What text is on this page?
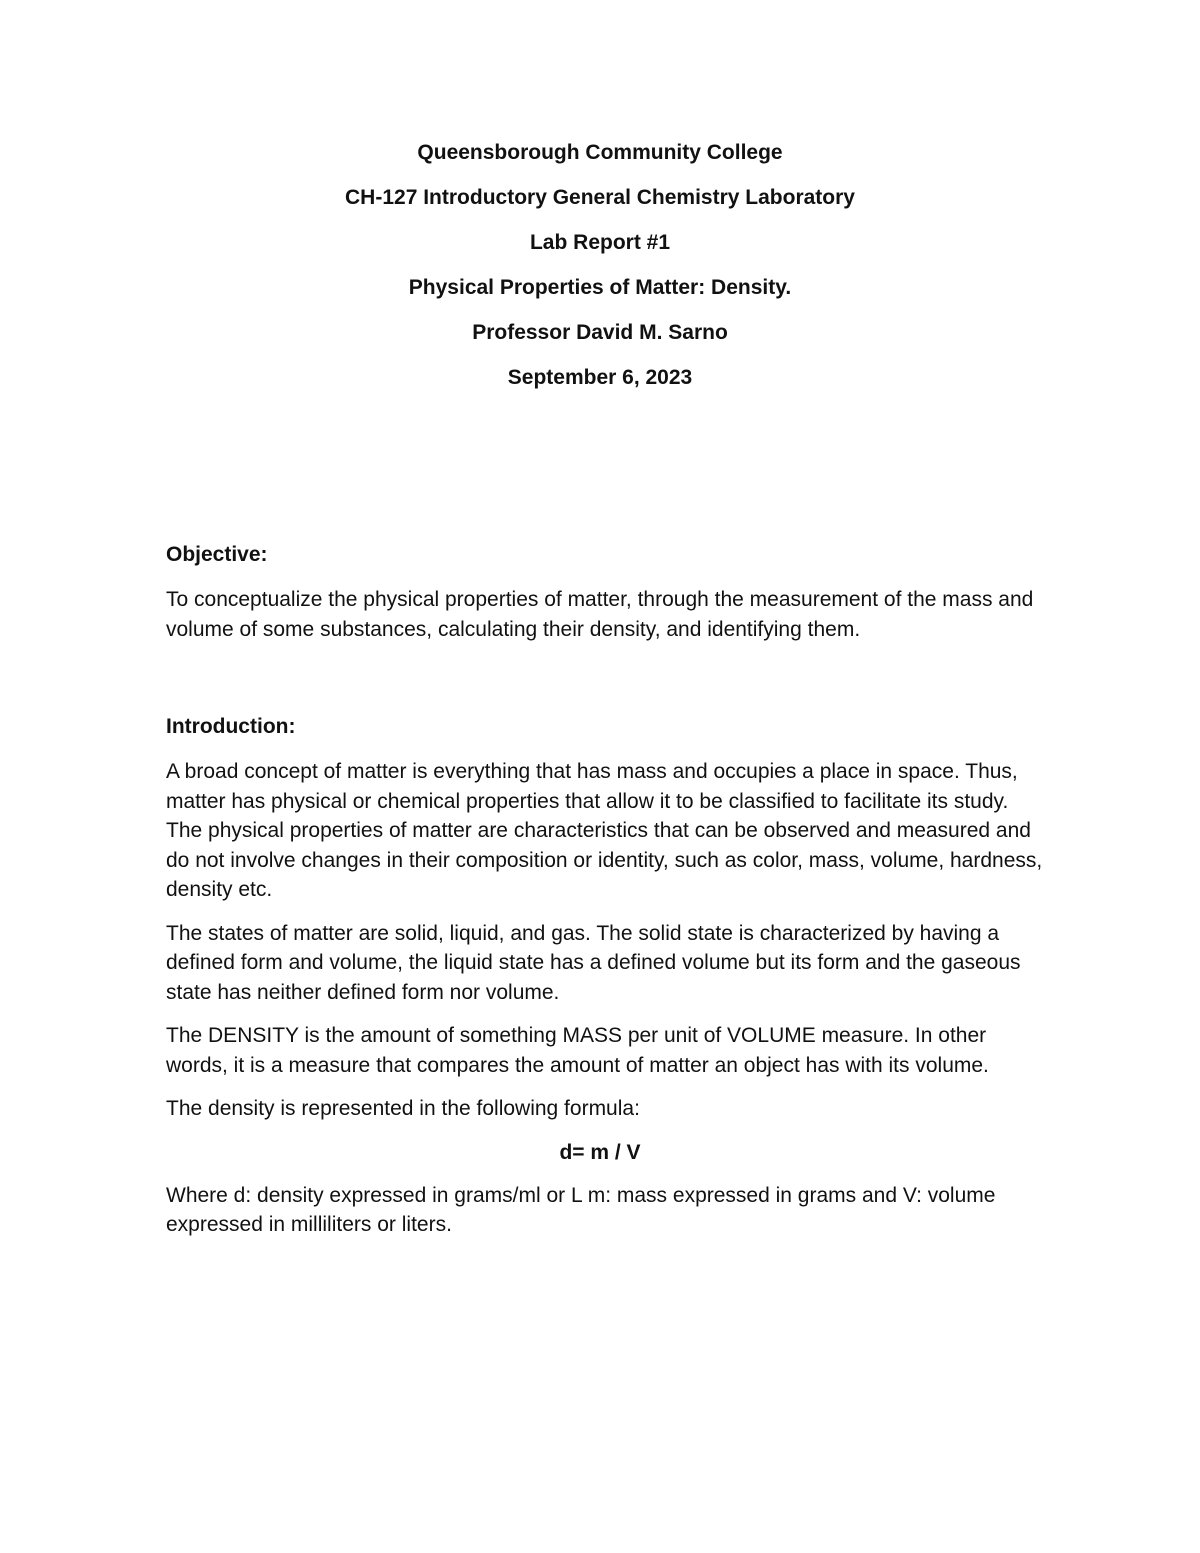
Queensborough Community College
CH-127 Introductory General Chemistry Laboratory
Lab Report #1
Physical Properties of Matter: Density.
Professor David M. Sarno
September 6, 2023
Objective:
To conceptualize the physical properties of matter, through the measurement of the mass and volume of some substances, calculating their density, and identifying them.
Introduction:
A broad concept of matter is everything that has mass and occupies a place in space. Thus, matter has physical or chemical properties that allow it to be classified to facilitate its study. The physical properties of matter are characteristics that can be observed and measured and do not involve changes in their composition or identity, such as color, mass, volume, hardness, density etc.
The states of matter are solid, liquid, and gas. The solid state is characterized by having a defined form and volume, the liquid state has a defined volume but its form and the gaseous state has neither defined form nor volume.
The DENSITY is the amount of something MASS per unit of VOLUME measure. In other words, it is a measure that compares the amount of matter an object has with its volume.
The density is represented in the following formula:
d= m / V
Where d: density expressed in grams/ml or L m: mass expressed in grams and V: volume expressed in milliliters or liters.
